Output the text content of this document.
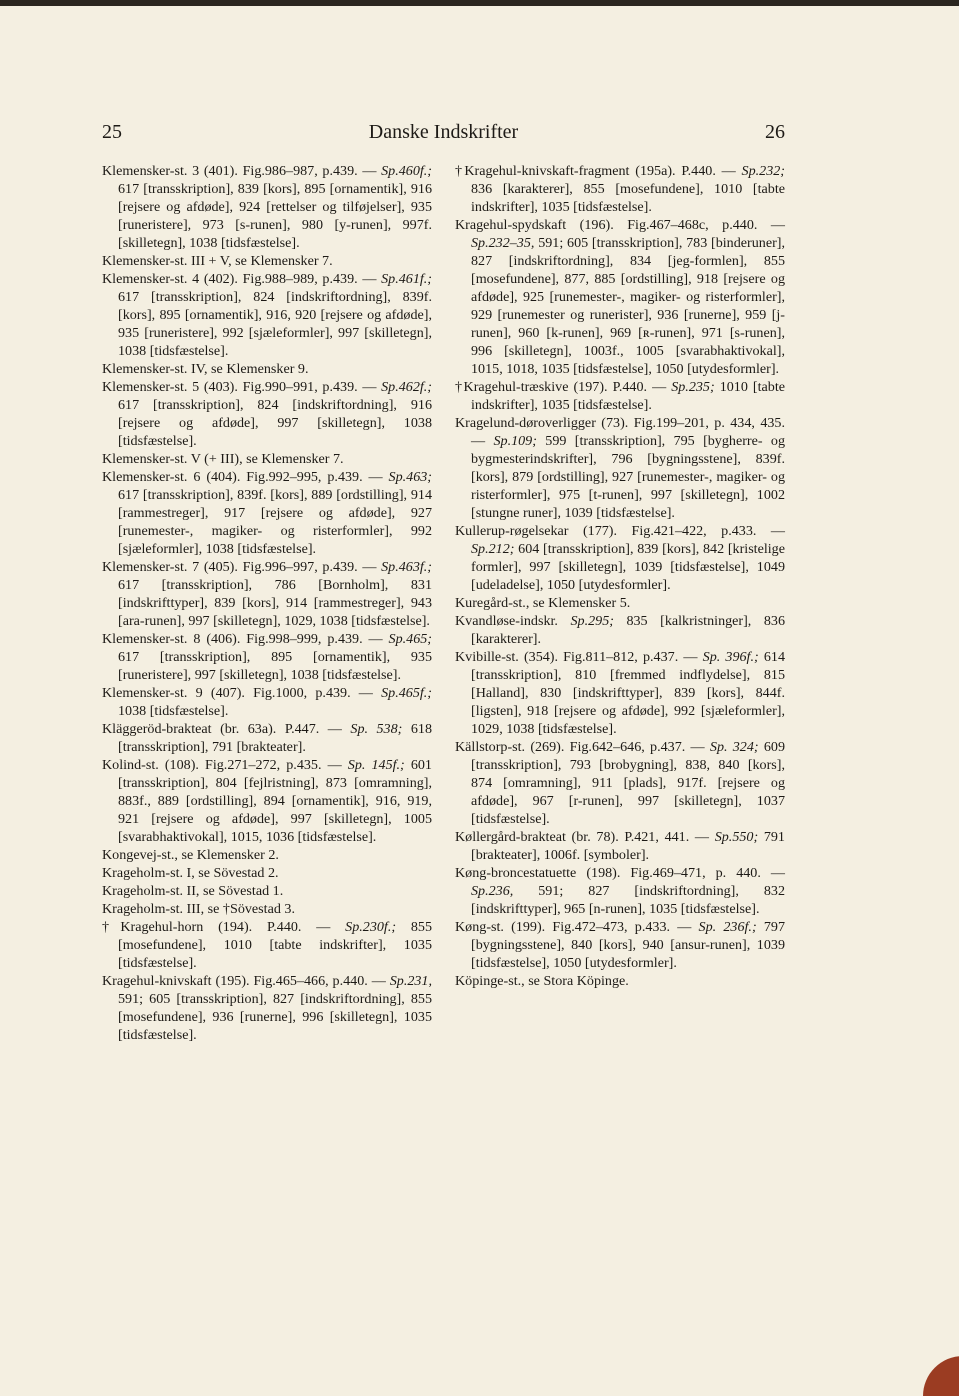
Danske Indskrifter
25	26

Klemensker-st. 3 (401). Fig.986–987, p.439. — Sp.460f.; 617 [transskription], 839 [kors], 895 [ornamentik], 916 [rejsere og afdøde], 924 [rettelser og tilføjelser], 935 [runeristere], 973 [s-runen], 980 [y-runen], 997f. [skilletegn], 1038 [tidsfæstelse].

Klemensker-st. III + V, se Klemensker 7.

Klemensker-st. 4 (402). Fig.988–989, p.439. — Sp.461f.; 617 [transskription], 824 [indskriftordning], 839f. [kors], 895 [ornamentik], 916, 920 [rejsere og afdøde], 935 [runeristere], 992 [sjæleformler], 997 [skilletegn], 1038 [tidsfæstelse].

Klemensker-st. IV, se Klemensker 9.

Klemensker-st. 5 (403). Fig.990–991, p.439. — Sp.462f.; 617 [transskription], 824 [indskriftordning], 916 [rejsere og afdøde], 997 [skilletegn], 1038 [tidsfæstelse].

Klemensker-st. V (+ III), se Klemensker 7.

Klemensker-st. 6 (404). Fig.992–995, p.439. — Sp.463; 617 [transskription], 839f. [kors], 889 [ordstilling], 914 [rammestreger], 917 [rejsere og afdøde], 927 [runemester-, magiker- og risterformler], 992 [sjæleformler], 1038 [tidsfæstelse].

Klemensker-st. 7 (405). Fig.996–997, p.439. — Sp.463f.; 617 [transskription], 786 [Bornholm], 831 [indskrifttyper], 839 [kors], 914 [rammestreger], 943 [ara-runen], 997 [skilletegn], 1029, 1038 [tidsfæstelse].

Klemensker-st. 8 (406). Fig.998–999, p.439. — Sp.465; 617 [transskription], 895 [ornamentik], 935 [runeristere], 997 [skilletegn], 1038 [tidsfæstelse].

Klemensker-st. 9 (407). Fig.1000, p.439. — Sp.465f.; 1038 [tidsfæstelse].

Kläggeröd-brakteat (br. 63a). P.447. — Sp. 538; 618 [transskription], 791 [brakteater].

Kolind-st. (108). Fig.271–272, p.435. — Sp. 145f.; 601 [transskription], 804 [fejlristning], 873 [omramning], 883f., 889 [ordstilling], 894 [ornamentik], 916, 919, 921 [rejsere og afdøde], 997 [skilletegn], 1005 [svarabhaktivokal], 1015, 1036 [tidsfæstelse].

Kongevej-st., se Klemensker 2.

Krageholm-st. I, se Sövestad 2.

Krageholm-st. II, se Sövestad 1.

Krageholm-st. III, se †Sövestad 3.

†Kragehul-horn (194). P.440. — Sp.230f.; 855 [mosefundene], 1010 [tabte indskrifter], 1035 [tidsfæstelse].

Kragehul-knivskaft (195). Fig.465–466, p.440. — Sp.231, 591; 605 [transskription], 827 [indskriftordning], 855 [mosefundene], 936 [runerne], 996 [skilletegn], 1035 [tidsfæstelse].

†Kragehul-knivskaft-fragment (195a). P.440. — Sp.232; 836 [karakterer], 855 [mosefundene], 1010 [tabte indskrifter], 1035 [tidsfæstelse].

Kragehul-spydskaft (196). Fig.467–468c, p.440. — Sp.232–35, 591; 605 [transskription], 783 [binderuner], 827 [indskriftordning], 834 [jeg-formlen], 855 [mosefundene], 877, 885 [ordstilling], 918 [rejsere og afdøde], 925 [runemester-, magiker- og risterformler], 929 [runemester og runerister], 936 [runerne], 959 [j-runen], 960 [k-runen], 969 [ʀ-runen], 971 [s-runen], 996 [skilletegn], 1003f., 1005 [svarabhaktivokal], 1015, 1018, 1035 [tidsfæstelse], 1050 [utydesformler].

†Kragehul-træskive (197). P.440. — Sp.235; 1010 [tabte indskrifter], 1035 [tidsfæstelse].

Kragelund-døroverligger (73). Fig.199–201, p. 434, 435. — Sp.109; 599 [transskription], 795 [bygherre- og bygmesterindskrifter], 796 [bygningsstene], 839f. [kors], 879 [ordstilling], 927 [runemester-, magiker- og risterformler], 975 [t-runen], 997 [skilletegn], 1002 [stungne runer], 1039 [tidsfæstelse].

Kullerup-røgelsekar (177). Fig.421–422, p.433. — Sp.212; 604 [transskription], 839 [kors], 842 [kristelige formler], 997 [skilletegn], 1039 [tidsfæstelse], 1049 [udeladelse], 1050 [utydesformler].

Kuregård-st., se Klemensker 5.

Kvandløse-indskr. Sp.295; 835 [kalkristninger], 836 [karakterer].

Kvibille-st. (354). Fig.811–812, p.437. — Sp. 396f.; 614 [transskription], 810 [fremmed indflydelse], 815 [Halland], 830 [indskrifttyper], 839 [kors], 844f. [ligsten], 918 [rejsere og afdøde], 992 [sjæleformler], 1029, 1038 [tidsfæstelse].

Källstorp-st. (269). Fig.642–646, p.437. — Sp. 324; 609 [transskription], 793 [brobygning], 838, 840 [kors], 874 [omramning], 911 [plads], 917f. [rejsere og afdøde], 967 [r-runen], 997 [skilletegn], 1037 [tidsfæstelse].

Køllergård-brakteat (br. 78). P.421, 441. — Sp.550; 791 [brakteater], 1006f. [symboler].

Køng-broncestatuette (198). Fig.469–471, p. 440. — Sp.236, 591; 827 [indskriftordning], 832 [indskrifttyper], 965 [n-runen], 1035 [tidsfæstelse].

Køng-st. (199). Fig.472–473, p.433. — Sp. 236f.; 797 [bygningsstene], 840 [kors], 940 [ansur-runen], 1039 [tidsfæstelse], 1050 [utydesformler].

Köpinge-st., se Stora Köpinge.
